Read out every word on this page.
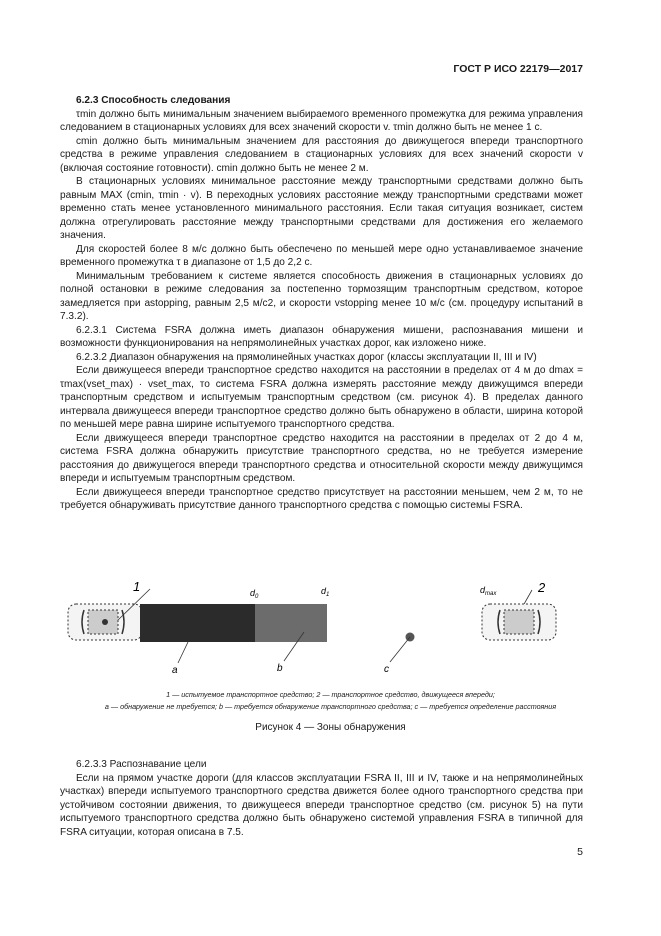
ГОСТ Р ИСО 22179—2017

6.2.3 Способность следования

τmin должно быть минимальным значением выбираемого временного промежутка для режима управления следованием в стационарных условиях для всех значений скорости v. τmin должно быть не менее 1 с.

cmin должно быть минимальным значением для расстояния до движущегося впереди транспортного средства в режиме управления следованием в стационарных условиях для всех значений скорости v (включая состояние готовности). cmin должно быть не менее 2 м.

В стационарных условиях минимальное расстояние между транспортными средствами должно быть равным MAX (cmin, τmin · v). В переходных условиях расстояние между транспортными средствами может временно стать менее установленного минимального расстояния. Если такая ситуация возникает, систем должна отрегулировать расстояние между транспортными средствами для достижения его желаемого значения.

Для скоростей более 8 м/с должно быть обеспечено по меньшей мере одно устанавливаемое значение временного промежутка τ в диапазоне от 1,5 до 2,2 с.

Минимальным требованием к системе является способность движения в стационарных условиях до полной остановки в режиме следования за постепенно тормозящим транспортным средством, которое замедляется при astopping, равным 2,5 м/с2, и скорости vstopping менее 10 м/с (см. процедуру испытаний в 7.3.2).

6.2.3.1 Система FSRA должна иметь диапазон обнаружения мишени, распознавания мишени и возможности функционирования на непрямолинейных участках дорог, как изложено ниже.

6.2.3.2 Диапазон обнаружения на прямолинейных участках дорог (классы эксплуатации II, III и IV)

Если движущееся впереди транспортное средство находится на расстоянии в пределах от 4 м до dmax = τmax(vset_max) · vset_max, то система FSRA должна измерять расстояние между движущимся впереди транспортным средством и испытуемым транспортным средством (см. рисунок 4). В пределах данного интервала движущееся впереди транспортное средство должно быть обнаружено в области, ширина которой по меньшей мере равна ширине испытуемого транспортного средства.

Если движущееся впереди транспортное средство находится на расстоянии в пределах от 2 до 4 м, система FSRA должна обнаружить присутствие транспортного средства, но не требуется измерение расстояния до движущегося впереди транспортного средства и относительной скорости между движущимся впереди и испытуемым транспортным средством.

Если движущееся впереди транспортное средство присутствует на расстоянии меньшем, чем 2 м, то не требуется обнаруживать присутствие данного транспортного средства с помощью системы FSRA.

1	2
$d_0$
$d_1$	$d_{max}$
a	b	c
1 — испытуемое транспортное средство; 2 — транспортное средство, движущееся впереди;
a — обнаружение не требуется; b — требуется обнаружение транспортного средства; c — требуется определение расстояния
Рисунок 4 — Зоны обнаружения

6.2.3.3 Распознавание цели

Если на прямом участке дороги (для классов эксплуатации FSRA II, III и IV, также и на непрямолинейных участках) впереди испытуемого транспортного средства движется более одного транспортного средства при устойчивом состоянии движения, то движущееся впереди транспортное средство (см. рисунок 5) на пути испытуемого транспортного средства должно быть обнаружено системой управления FSRA в типичной для FSRA ситуации, которая описана в 7.5.

5
